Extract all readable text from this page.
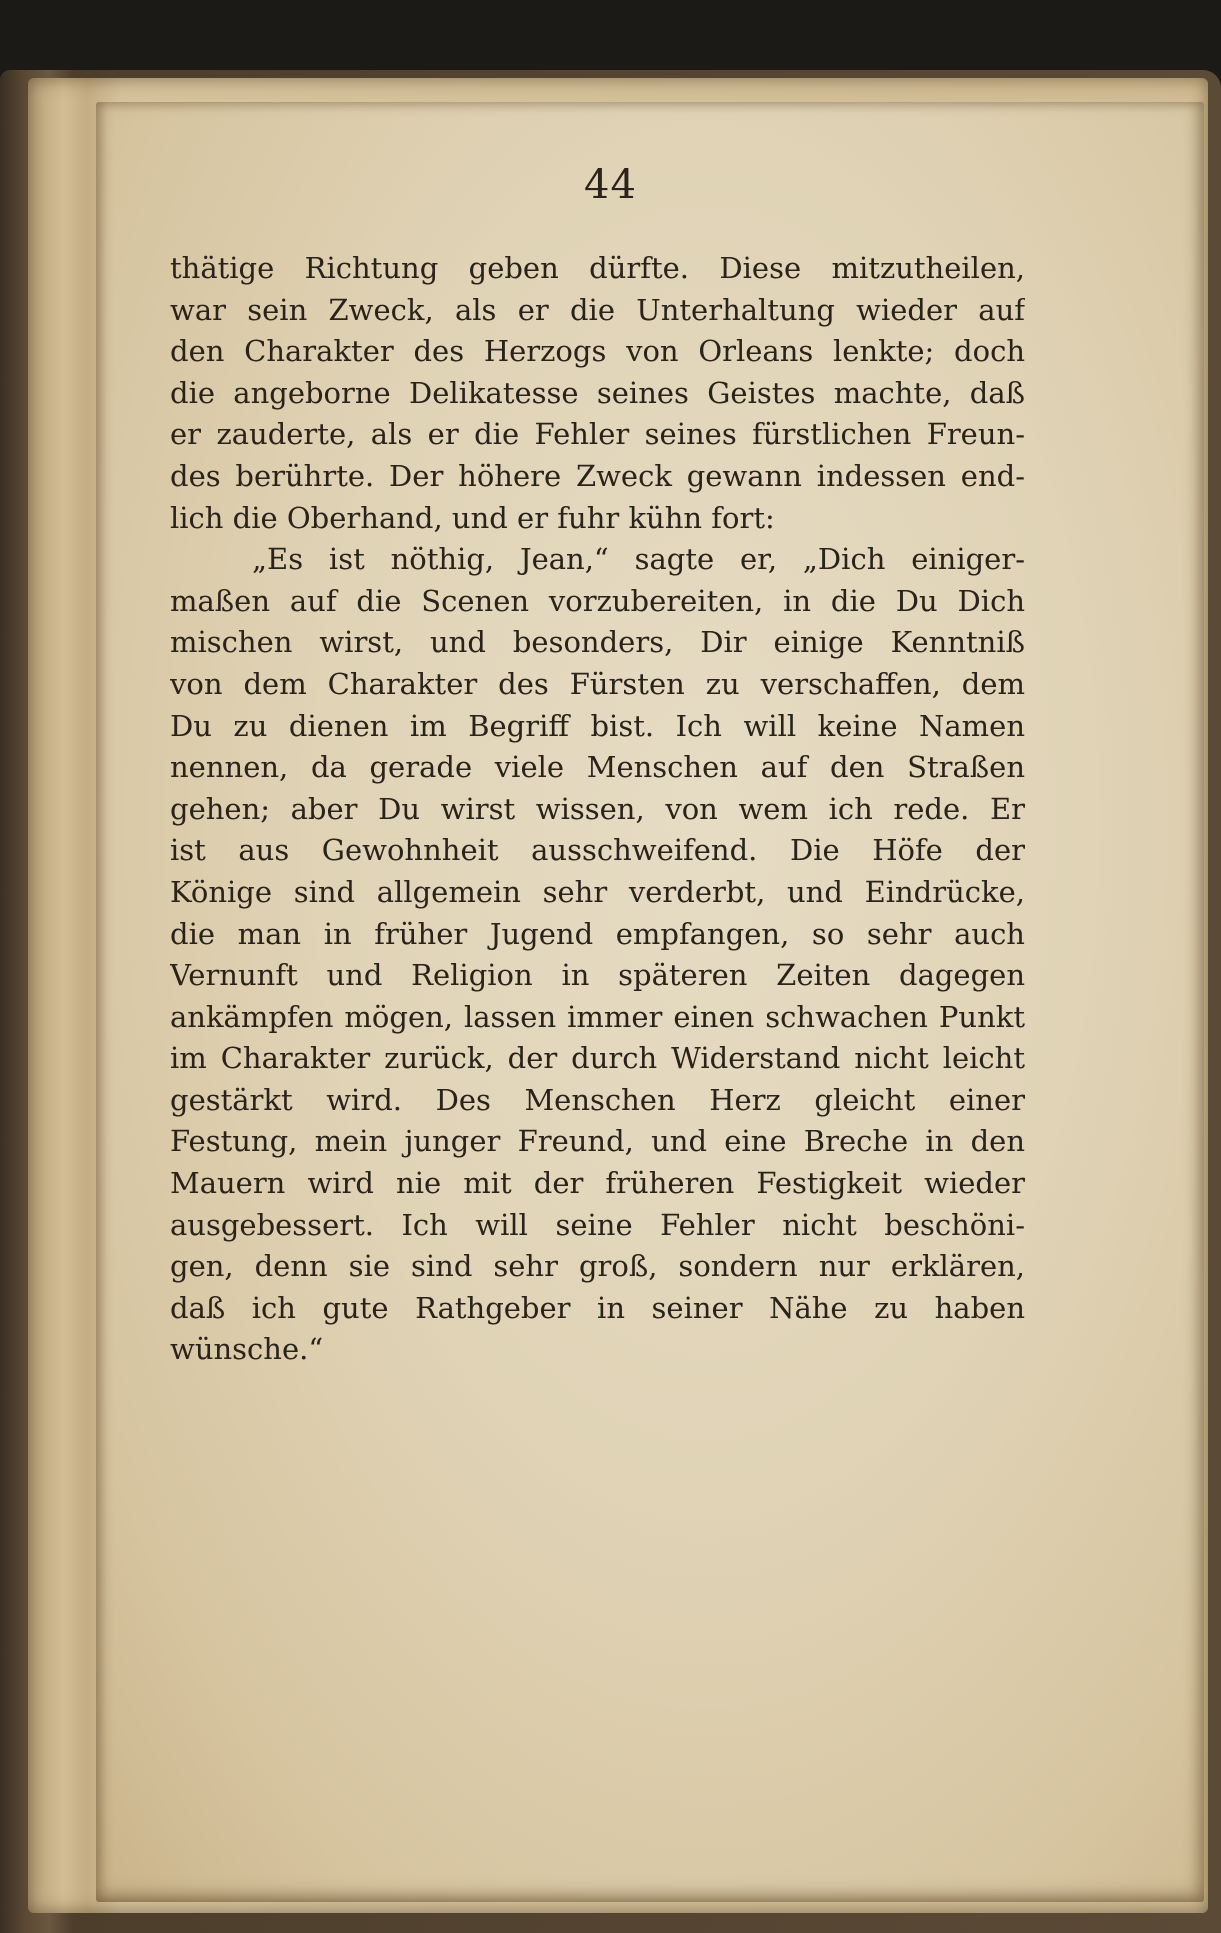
44
thätige Richtung geben dürfte. Diese mitzutheilen,
war sein Zweck, als er die Unterhaltung wieder auf
den Charakter des Herzogs von Orleans lenkte; doch
die angeborne Delikatesse seines Geistes machte, daß
er zauderte, als er die Fehler seines fürstlichen Freun-
des berührte. Der höhere Zweck gewann indessen end-
lich die Oberhand, und er fuhr kühn fort:
„Es ist nöthig, Jean,“ sagte er, „Dich einiger-
maßen auf die Scenen vorzubereiten, in die Du Dich
mischen wirst, und besonders, Dir einige Kenntniß
von dem Charakter des Fürsten zu verschaffen, dem
Du zu dienen im Begriff bist. Ich will keine Namen
nennen, da gerade viele Menschen auf den Straßen
gehen; aber Du wirst wissen, von wem ich rede. Er
ist aus Gewohnheit ausschweifend. Die Höfe der
Könige sind allgemein sehr verderbt, und Eindrücke,
die man in früher Jugend empfangen, so sehr auch
Vernunft und Religion in späteren Zeiten dagegen
ankämpfen mögen, lassen immer einen schwachen Punkt
im Charakter zurück, der durch Widerstand nicht leicht
gestärkt wird. Des Menschen Herz gleicht einer
Festung, mein junger Freund, und eine Breche in den
Mauern wird nie mit der früheren Festigkeit wieder
ausgebessert. Ich will seine Fehler nicht beschöni-
gen, denn sie sind sehr groß, sondern nur erklären,
daß ich gute Rathgeber in seiner Nähe zu haben
wünsche.“
